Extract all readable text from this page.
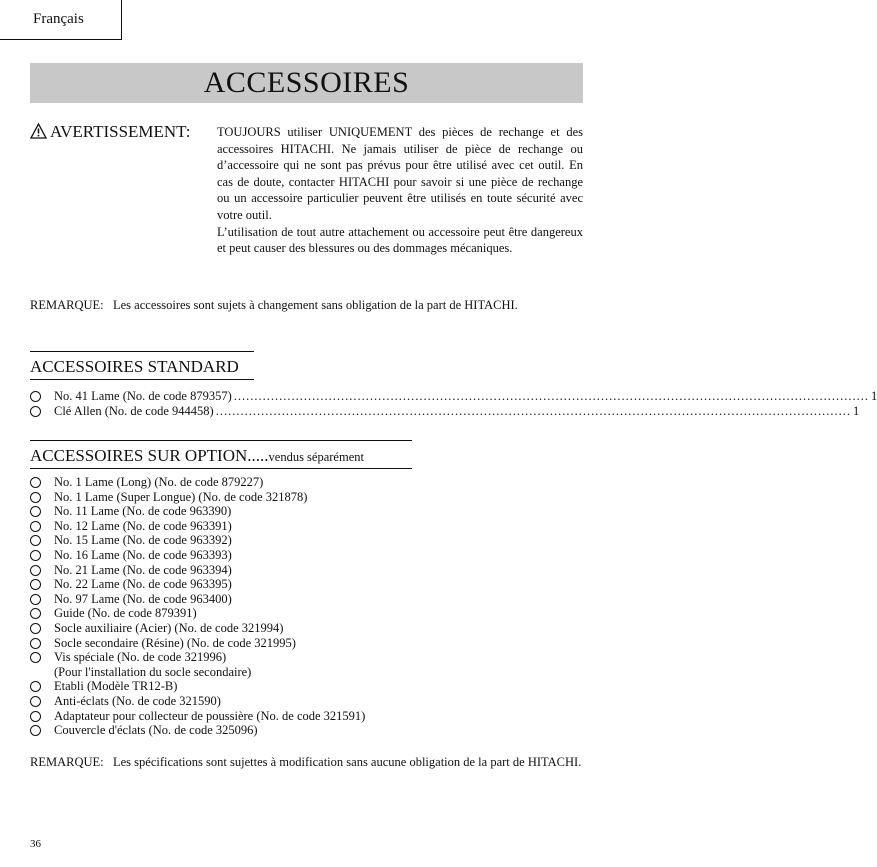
Français
ACCESSOIRES
AVERTISSEMENT: TOUJOURS utiliser UNIQUEMENT des pièces de rechange et des accessoires HITACHI. Ne jamais utiliser de pièce de rechange ou d’accessoire qui ne sont pas prévus pour être utilisé avec cet outil. En cas de doute, contacter HITACHI pour savoir si une pièce de rechange ou un accessoire particulier peuvent être utilisés en toute sécurité avec votre outil.

L’utilisation de tout autre attachement ou accessoire peut être dangereux et peut causer des blessures ou des dommages mécaniques.

REMARQUE: Les accessoires sont sujets à changement sans obligation de la part de HITACHI.
ACCESSOIRES STANDARD
No. 41 Lame (No. de code 879357) .......................................................................................................................................................... 1
Clé Allen (No. de code 944458) .......................................................................................................................................................... 1
ACCESSOIRES SUR OPTION.....vendus séparément
No. 1 Lame (Long) (No. de code 879227)
No. 1 Lame (Super Longue) (No. de code 321878)
No. 11 Lame (No. de code 963390)
No. 12 Lame (No. de code 963391)
No. 15 Lame (No. de code 963392)
No. 16 Lame (No. de code 963393)
No. 21 Lame (No. de code 963394)
No. 22 Lame (No. de code 963395)
No. 97 Lame (No. de code 963400)
Guide (No. de code 879391)
Socle auxiliaire (Acier) (No. de code 321994)
Socle secondaire (Résine) (No. de code 321995)
Vis spéciale (No. de code 321996)
(Pour l'installation du socle secondaire)
Etabli (Modèle TR12-B)
Anti-éclats (No. de code 321590)
Adaptateur pour collecteur de poussière (No. de code 321591)
Couvercle d'éclats (No. de code 325096)
REMARQUE: Les spécifications sont sujettes à modification sans aucune obligation de la part de HITACHI.
36
